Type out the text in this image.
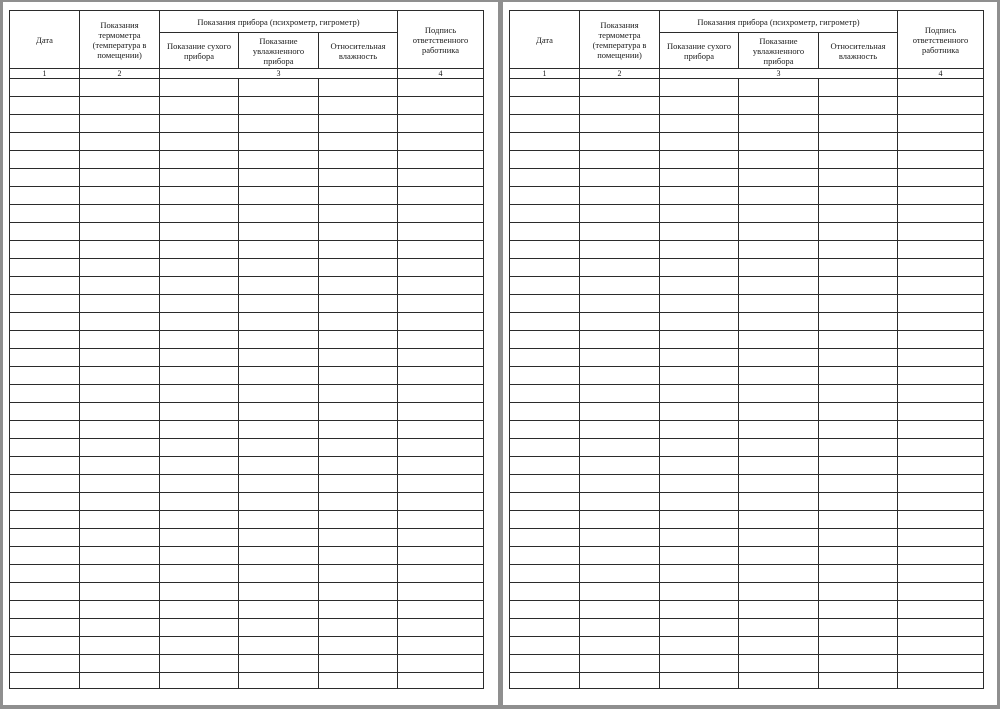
Дата	Показания термометра (температура в помещении)	Показания прибора (психрометр, гигрометр)			Подпись ответственного работника
		Показание сухого прибора	Показание увлажненного прибора	Относительная влажность	
1	2	3			4

Дата	Показания термометра (температура в помещении)	Показания прибора (психрометр, гигрометр)			Подпись ответственного работника
		Показание сухого прибора	Показание увлажненного прибора	Относительная влажность	
1	2	3			4
